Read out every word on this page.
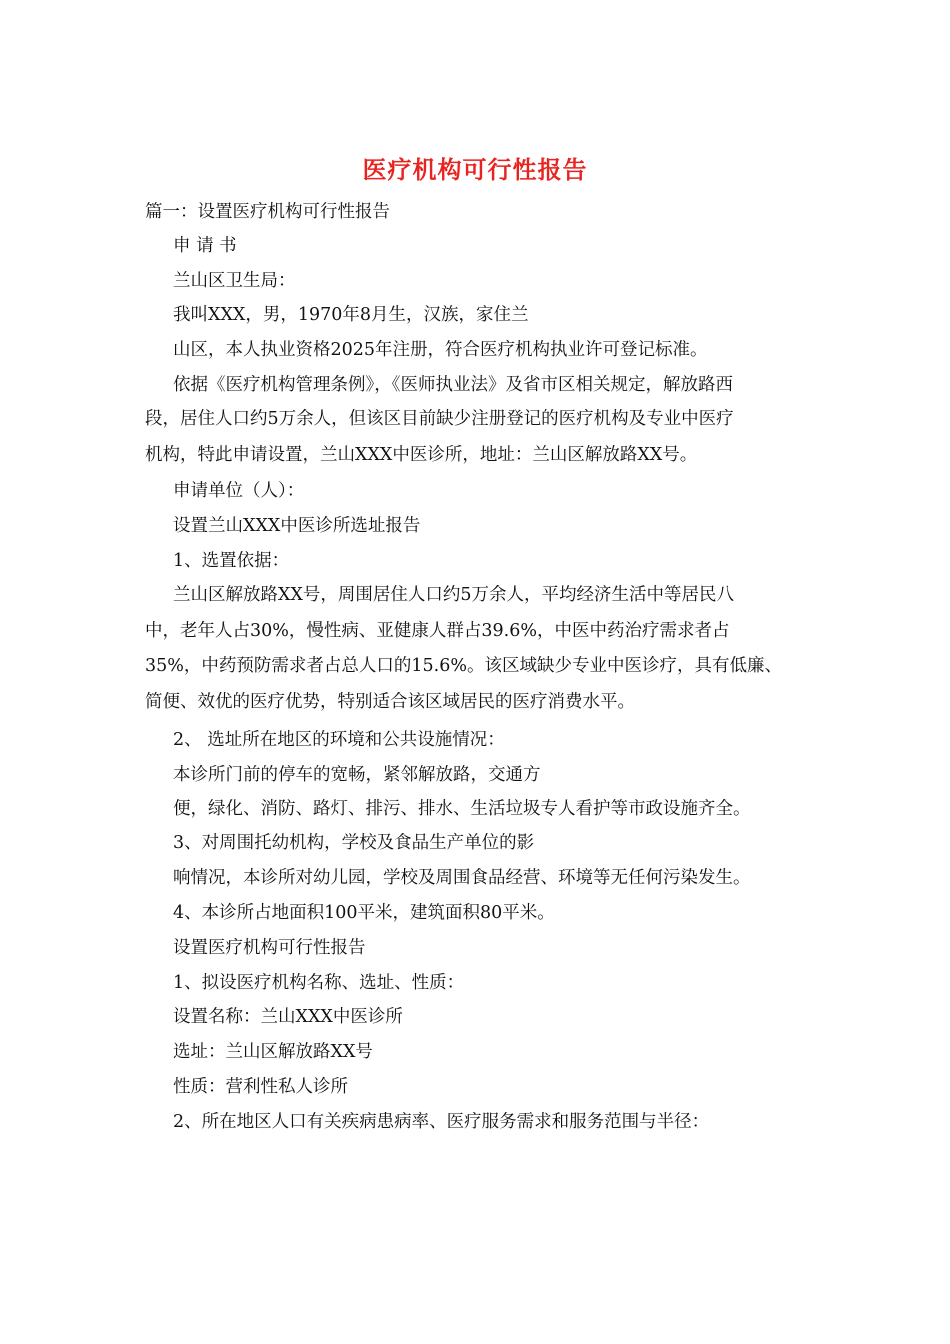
医疗机构可行性报告
篇一：设置医疗机构可行性报告
申 请 书
兰山区卫生局：
我叫XXX，男，1970年8月生，汉族，家住兰
山区，本人执业资格2025年注册，符合医疗机构执业许可登记标准。
依据《医疗机构管理条例》，《医师执业法》及省市区相关规定，解放路西
段，居住人口约5万余人，但该区目前缺少注册登记的医疗机构及专业中医疗
机构，特此申请设置，兰山XXX中医诊所，地址：兰山区解放路XX号。
申请单位（人）：
设置兰山XXX中医诊所选址报告
1、选置依据：
兰山区解放路XX号，周围居住人口约5万余人，平均经济生活中等居民八
中，老年人占30%，慢性病、亚健康人群占39.6%，中医中药治疗需求者占
35%，中药预防需求者占总人口的15.6%。该区域缺少专业中医诊疗，具有低廉、
简便、效优的医疗优势，特别适合该区域居民的医疗消费水平。
2、 选址所在地区的环境和公共设施情况：
本诊所门前的停车的宽畅，紧邻解放路，交通方
便，绿化、消防、路灯、排污、排水、生活垃圾专人看护等市政设施齐全。
3、对周围托幼机构，学校及食品生产单位的影
响情况，本诊所对幼儿园，学校及周围食品经营、环境等无任何污染发生。
4、本诊所占地面积100平米，建筑面积80平米。
设置医疗机构可行性报告
1、拟设医疗机构名称、选址、性质：
设置名称：兰山XXX中医诊所
选址：兰山区解放路XX号
性质：营利性私人诊所
2、所在地区人口有关疾病患病率、医疗服务需求和服务范围与半径：
